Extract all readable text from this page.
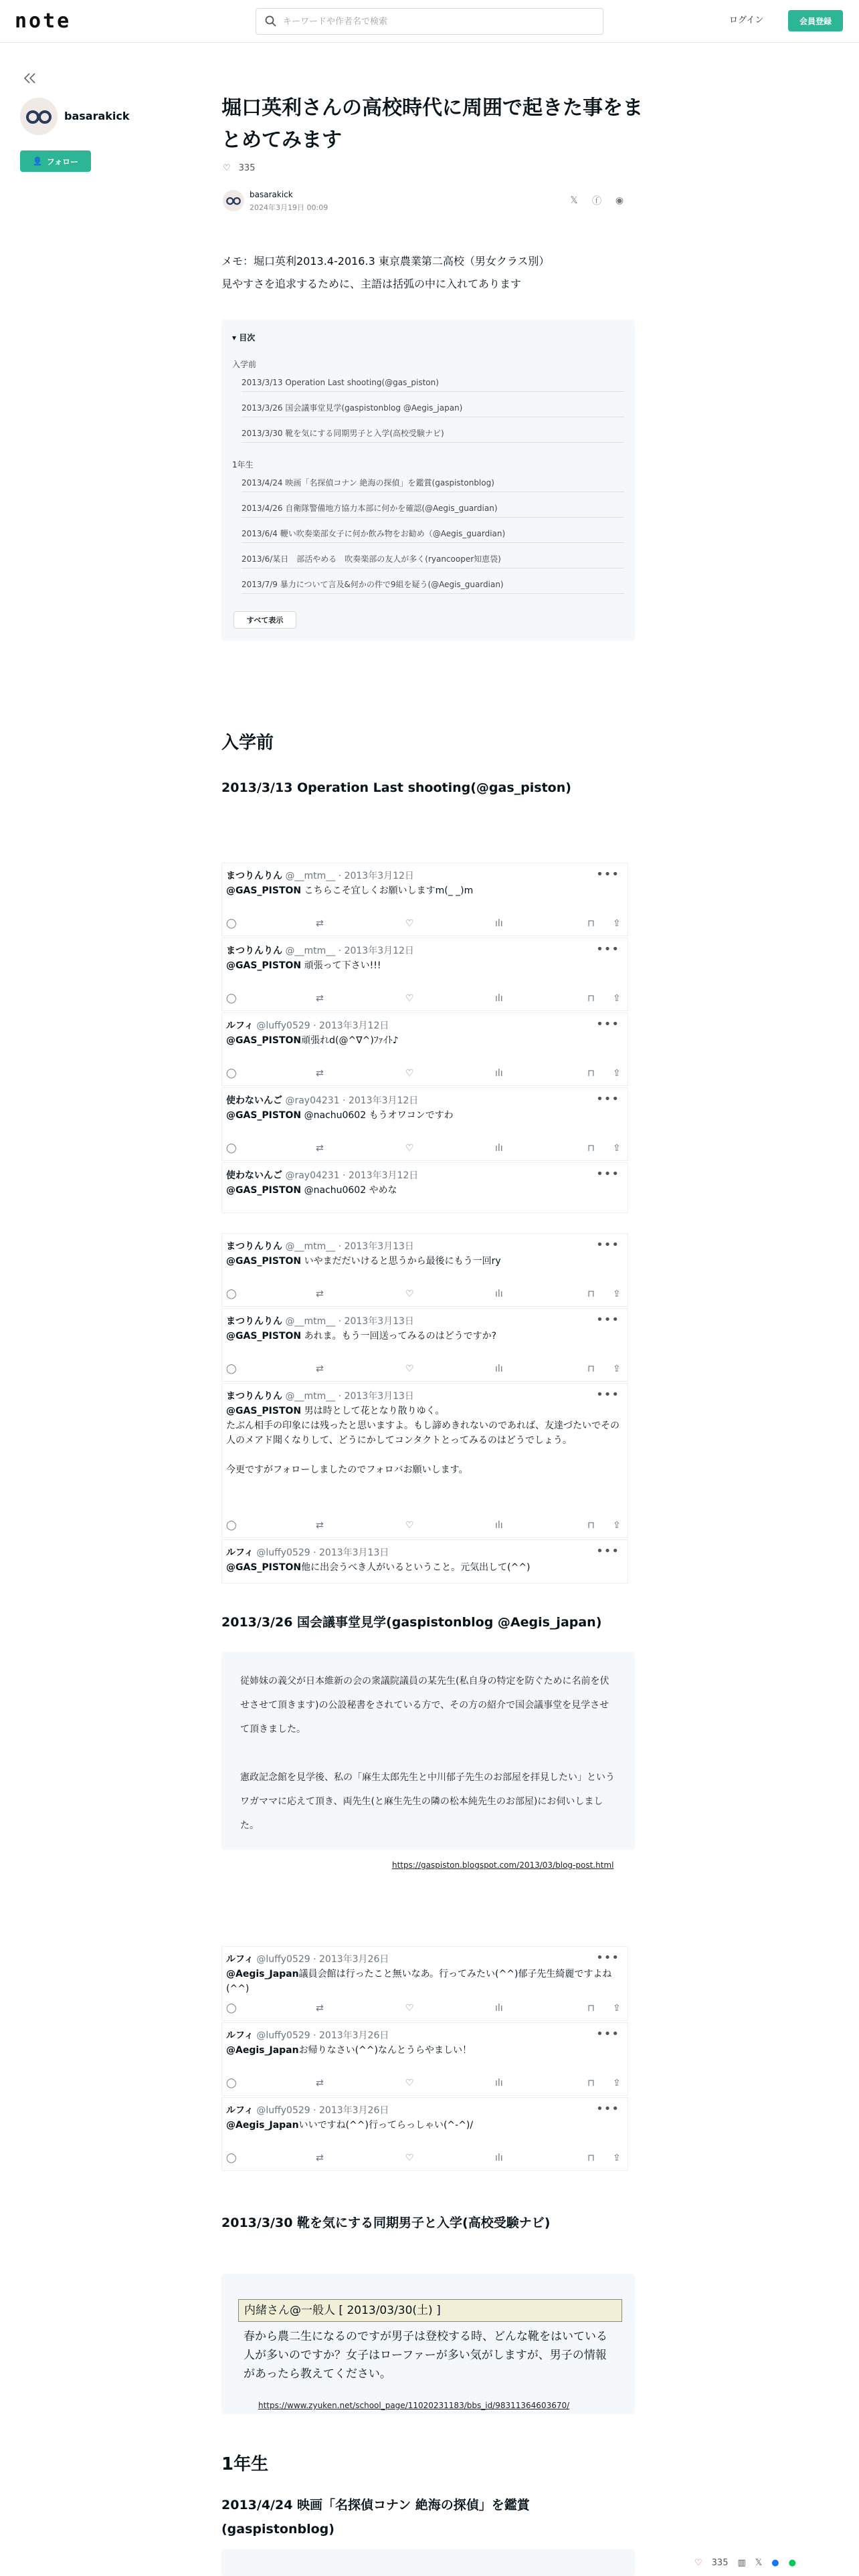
note
キーワードや作者名で検索	ログイン	会員登録
basarakick
👤 フォロー
堀口英利さんの高校時代に周囲で起きた事をまとめてみます
♡ 335
basarakick
2024年3月19日 00:09
𝕏	ⓕ ◉
メモ：堀口英利2013.4-2016.3 東京農業第二高校（男女クラス別）
見やすさを追求するために、主語は括弧の中に入れてあります
▾ 目次
入学前
2013/3/13 Operation Last shooting(@gas_piston)
2013/3/26 国会議事堂見学(gaspistonblog @Aegis_japan)
2013/3/30 靴を気にする同期男子と入学(高校受験ナビ)
1年生
2013/4/24 映画「名探偵コナン 絶海の探偵」を鑑賞(gaspistonblog)
2013/4/26 自衛隊警備地方協力本部に何かを確認(@Aegis_guardian)
2013/6/4 鞭い吹奏楽部女子に何か飲み物をお勧め（@Aegis_guardian)
2013/6/某日　部活やめる　吹奏楽部の友人が多く(ryancooper知恵袋)
2013/7/9 暴力について言及&何かの件で9組を疑う(@Aegis_guardian)
すべて表示
入学前
2013/3/13 Operation Last shooting(@gas_piston)
まつりんりん @__mtm__ · 2013年3月12日	•••
@GAS_PISTON こちらこそ宜しくお願いしますm(_ _)m
◯	⇄	♡	ılı	⊓ ⇪
まつりんりん @__mtm__ · 2013年3月12日	•••
@GAS_PISTON 頑張って下さい!!!
◯	⇄	♡	ılı	⊓ ⇪
ルフィ @luffy0529 · 2013年3月12日	•••
@GAS_PISTON頑張れd(@^∇^)ﾌｧｲﾄ♪
◯	⇄	♡	ılı	⊓ ⇪
使わないんご @ray04231 · 2013年3月12日	•••
@GAS_PISTON @nachu0602 もうオワコンですわ
◯	⇄	♡	ılı	⊓ ⇪
使わないんご @ray04231 · 2013年3月12日	•••
@GAS_PISTON @nachu0602 やめな
まつりんりん @__mtm__ · 2013年3月13日	•••
@GAS_PISTON いやまだだいけると思うから最後にもう一回ry
◯	⇄	♡	ılı	⊓ ⇪
まつりんりん @__mtm__ · 2013年3月13日	•••
@GAS_PISTON あれま。もう一回送ってみるのはどうですか?
◯	⇄	♡	ılı	⊓ ⇪
まつりんりん @__mtm__ · 2013年3月13日	•••
@GAS_PISTON 男は時として花となり散りゆく。
たぶん相手の印象には残ったと思いますよ。もし諦めきれないのであれば、友達づたいでその人のメアド聞くなりして、どうにかしてコンタクトとってみるのはどうでしょう。
今更ですがフォローしましたのでフォロバお願いします。
◯	⇄	♡	ılı	⊓ ⇪
ルフィ @luffy0529 · 2013年3月13日	•••
@GAS_PISTON他に出会うべき人がいるということ。元気出して(^^)
2013/3/26 国会議事堂見学(gaspistonblog @Aegis_japan)

従姉妹の義父が日本維新の会の衆議院議員の某先生(私自身の特定を防ぐために名前を伏せさせて頂きます)の公設秘書をされている方で、その方の紹介で国会議事堂を見学させて頂きました。

憲政記念館を見学後、私の「麻生太郎先生と中川郁子先生のお部屋を拝見したい」というワガママに応えて頂き、両先生(と麻生先生の隣の松本純先生のお部屋)にお伺いしました。

https://gaspiston.blogspot.com/2013/03/blog-post.html
ルフィ @luffy0529 · 2013年3月26日	•••
@Aegis_Japan議員会館は行ったこと無いなあ。行ってみたい(^^)郁子先生綺麗ですよね(^^)
◯	⇄	♡	ılı	⊓ ⇪
ルフィ @luffy0529 · 2013年3月26日	•••
@Aegis_Japanお帰りなさい(^^)なんとうらやましい！
◯	⇄	♡	ılı	⊓ ⇪
ルフィ @luffy0529 · 2013年3月26日	•••
@Aegis_Japanいいですね(^^)行ってらっしゃい(^-^)/
◯	⇄	♡	ılı	⊓ ⇪
2013/3/30 靴を気にする同期男子と入学(高校受験ナビ)
内緒さん@一般人 [ 2013/03/30(土) ]
春から農二生になるのですが男子は登校する時、どんな靴をはいている人が多いのですか？女子はローファーが多い気がしますが、男子の情報があったら教えてください。
https://www.zyuken.net/school_page/11020231183/bbs_id/98311364603670/
1年生
2013/4/24 映画「名探偵コナン 絶海の探偵」を鑑賞(gaspistonblog)
♡ 335 ▥ 𝕏 ● ●
